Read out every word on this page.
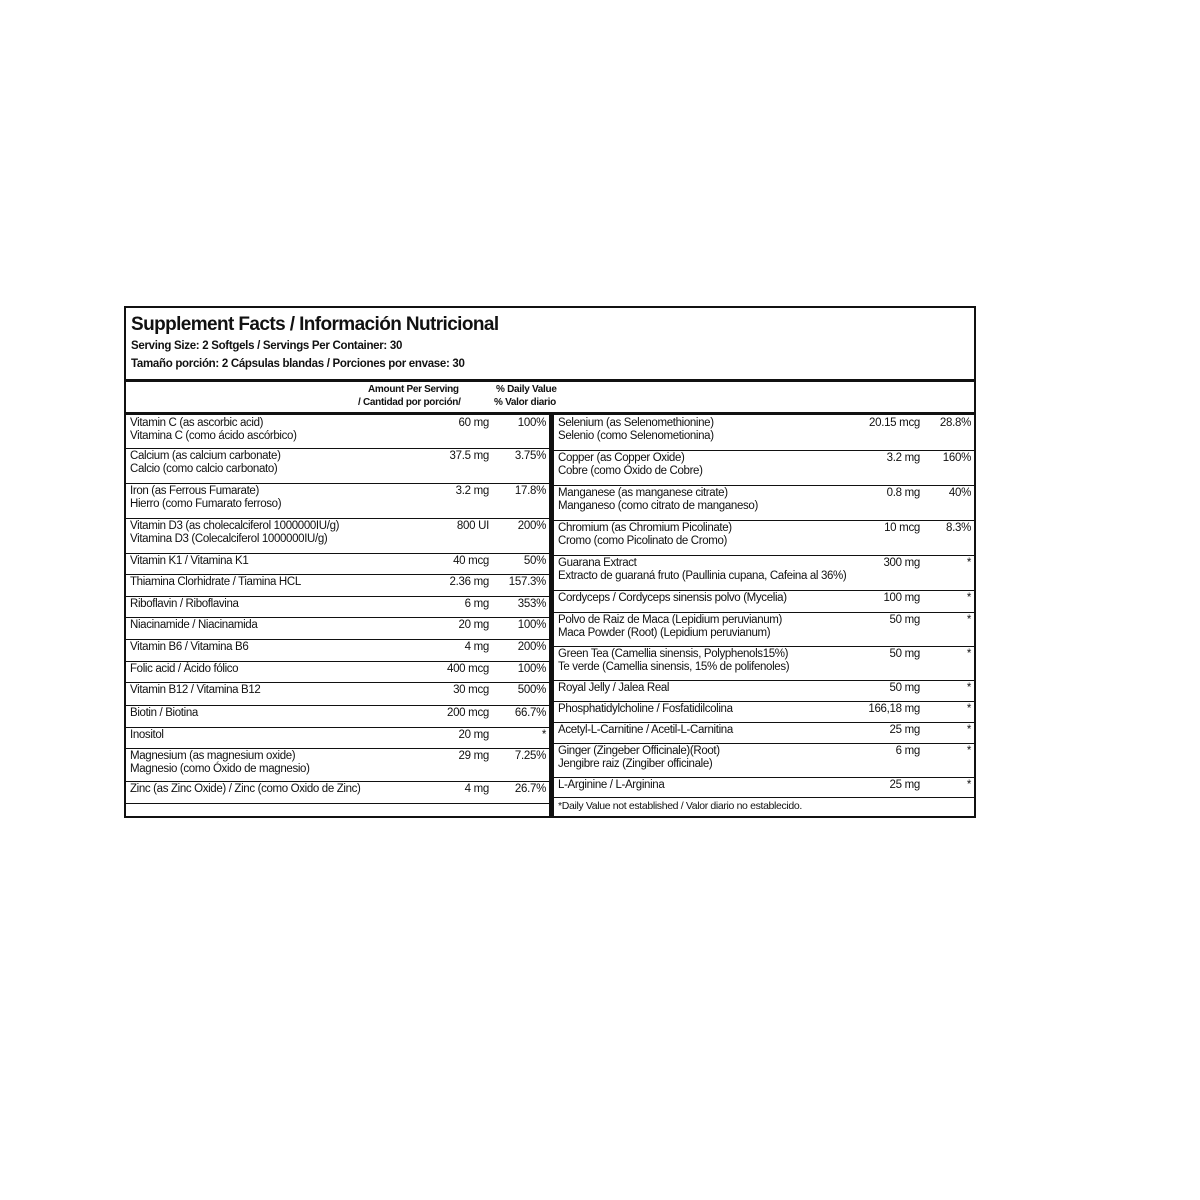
Supplement Facts / Información Nutricional
Serving Size: 2 Softgels / Servings Per Container: 30
Tamaño porción: 2 Cápsulas blandas / Porciones por envase: 30
Amount Per Serving
/ Cantidad por porción/
% Daily Value
% Valor diario
Vitamin C (as ascorbic acid)
Vitamina C (como ácido ascórbico)
60 mg	100%
Calcium (as calcium carbonate)
Calcio (como calcio carbonato)
37.5 mg 3.75%
Iron (as Ferrous Fumarate)
Hierro (como Fumarato ferroso)
3.2 mg 17.8%
Vitamin D3 (as cholecalciferol 1000000IU/g)
Vitamina D3 (Colecalciferol 1000000IU/g)
800 UI	200%
Vitamin K1 / Vitamina K1	40 mcg	50%
Thiamina Clorhidrate / Tiamina HCL	2.36 mg 157.3%
Riboflavin / Riboflavina	6 mg	353%
Niacinamide / Niacinamida	20 mg	100%
Vitamin B6 / Vitamina B6	4 mg	200%
Folic acid / Ácido fólico	400 mcg	100%
Vitamin B12 / Vitamina B12	30 mcg	500%
Biotin / Biotina	200 mcg 66.7%
Inositol	20 mg	*
Magnesium (as magnesium oxide)
Magnesio (como Óxido de magnesio)
29 mg 7.25%
Zinc (as Zinc Oxide) / Zinc (como Oxido de Zinc)	4 mg 26.7%
*Daily Value not established / Valor diario no establecido.
Selenium (as Selenomethionine)
Selenio (como Selenometionina)
20.15 mcg 28.8%
Copper (as Copper Oxide)
Cobre (como Óxido de Cobre)
3.2 mg 160%
Manganese (as manganese citrate)
Manganeso (como citrato de manganeso)
0.8 mg	40%
Chromium (as Chromium Picolinate)
Cromo (como Picolinato de Cromo)
10 mcg 8.3%
Guarana Extract
Extracto de guaraná fruto (Paullinia cupana, Cafeina al 36%)
300 mg	*
Cordyceps / Cordyceps sinensis polvo (Mycelia)	100 mg	*
Polvo de Raiz de Maca (Lepidium peruvianum)
Maca Powder (Root) (Lepidium peruvianum)
50 mg	*
Green Tea (Camellia sinensis, Polyphenols15%)
Te verde (Camellia sinensis, 15% de polifenoles)
50 mg	*
Royal Jelly / Jalea Real	50 mg	*
Phosphatidylcholine / Fosfatidilcolina	166,18 mg	*
Acetyl-L-Carnitine / Acetil-L-Carnitina	25 mg	*
Ginger (Zingeber Officinale)(Root)
Jengibre raiz (Zingiber officinale)
6 mg	*
L-Arginine / L-Arginina	25 mg	*
